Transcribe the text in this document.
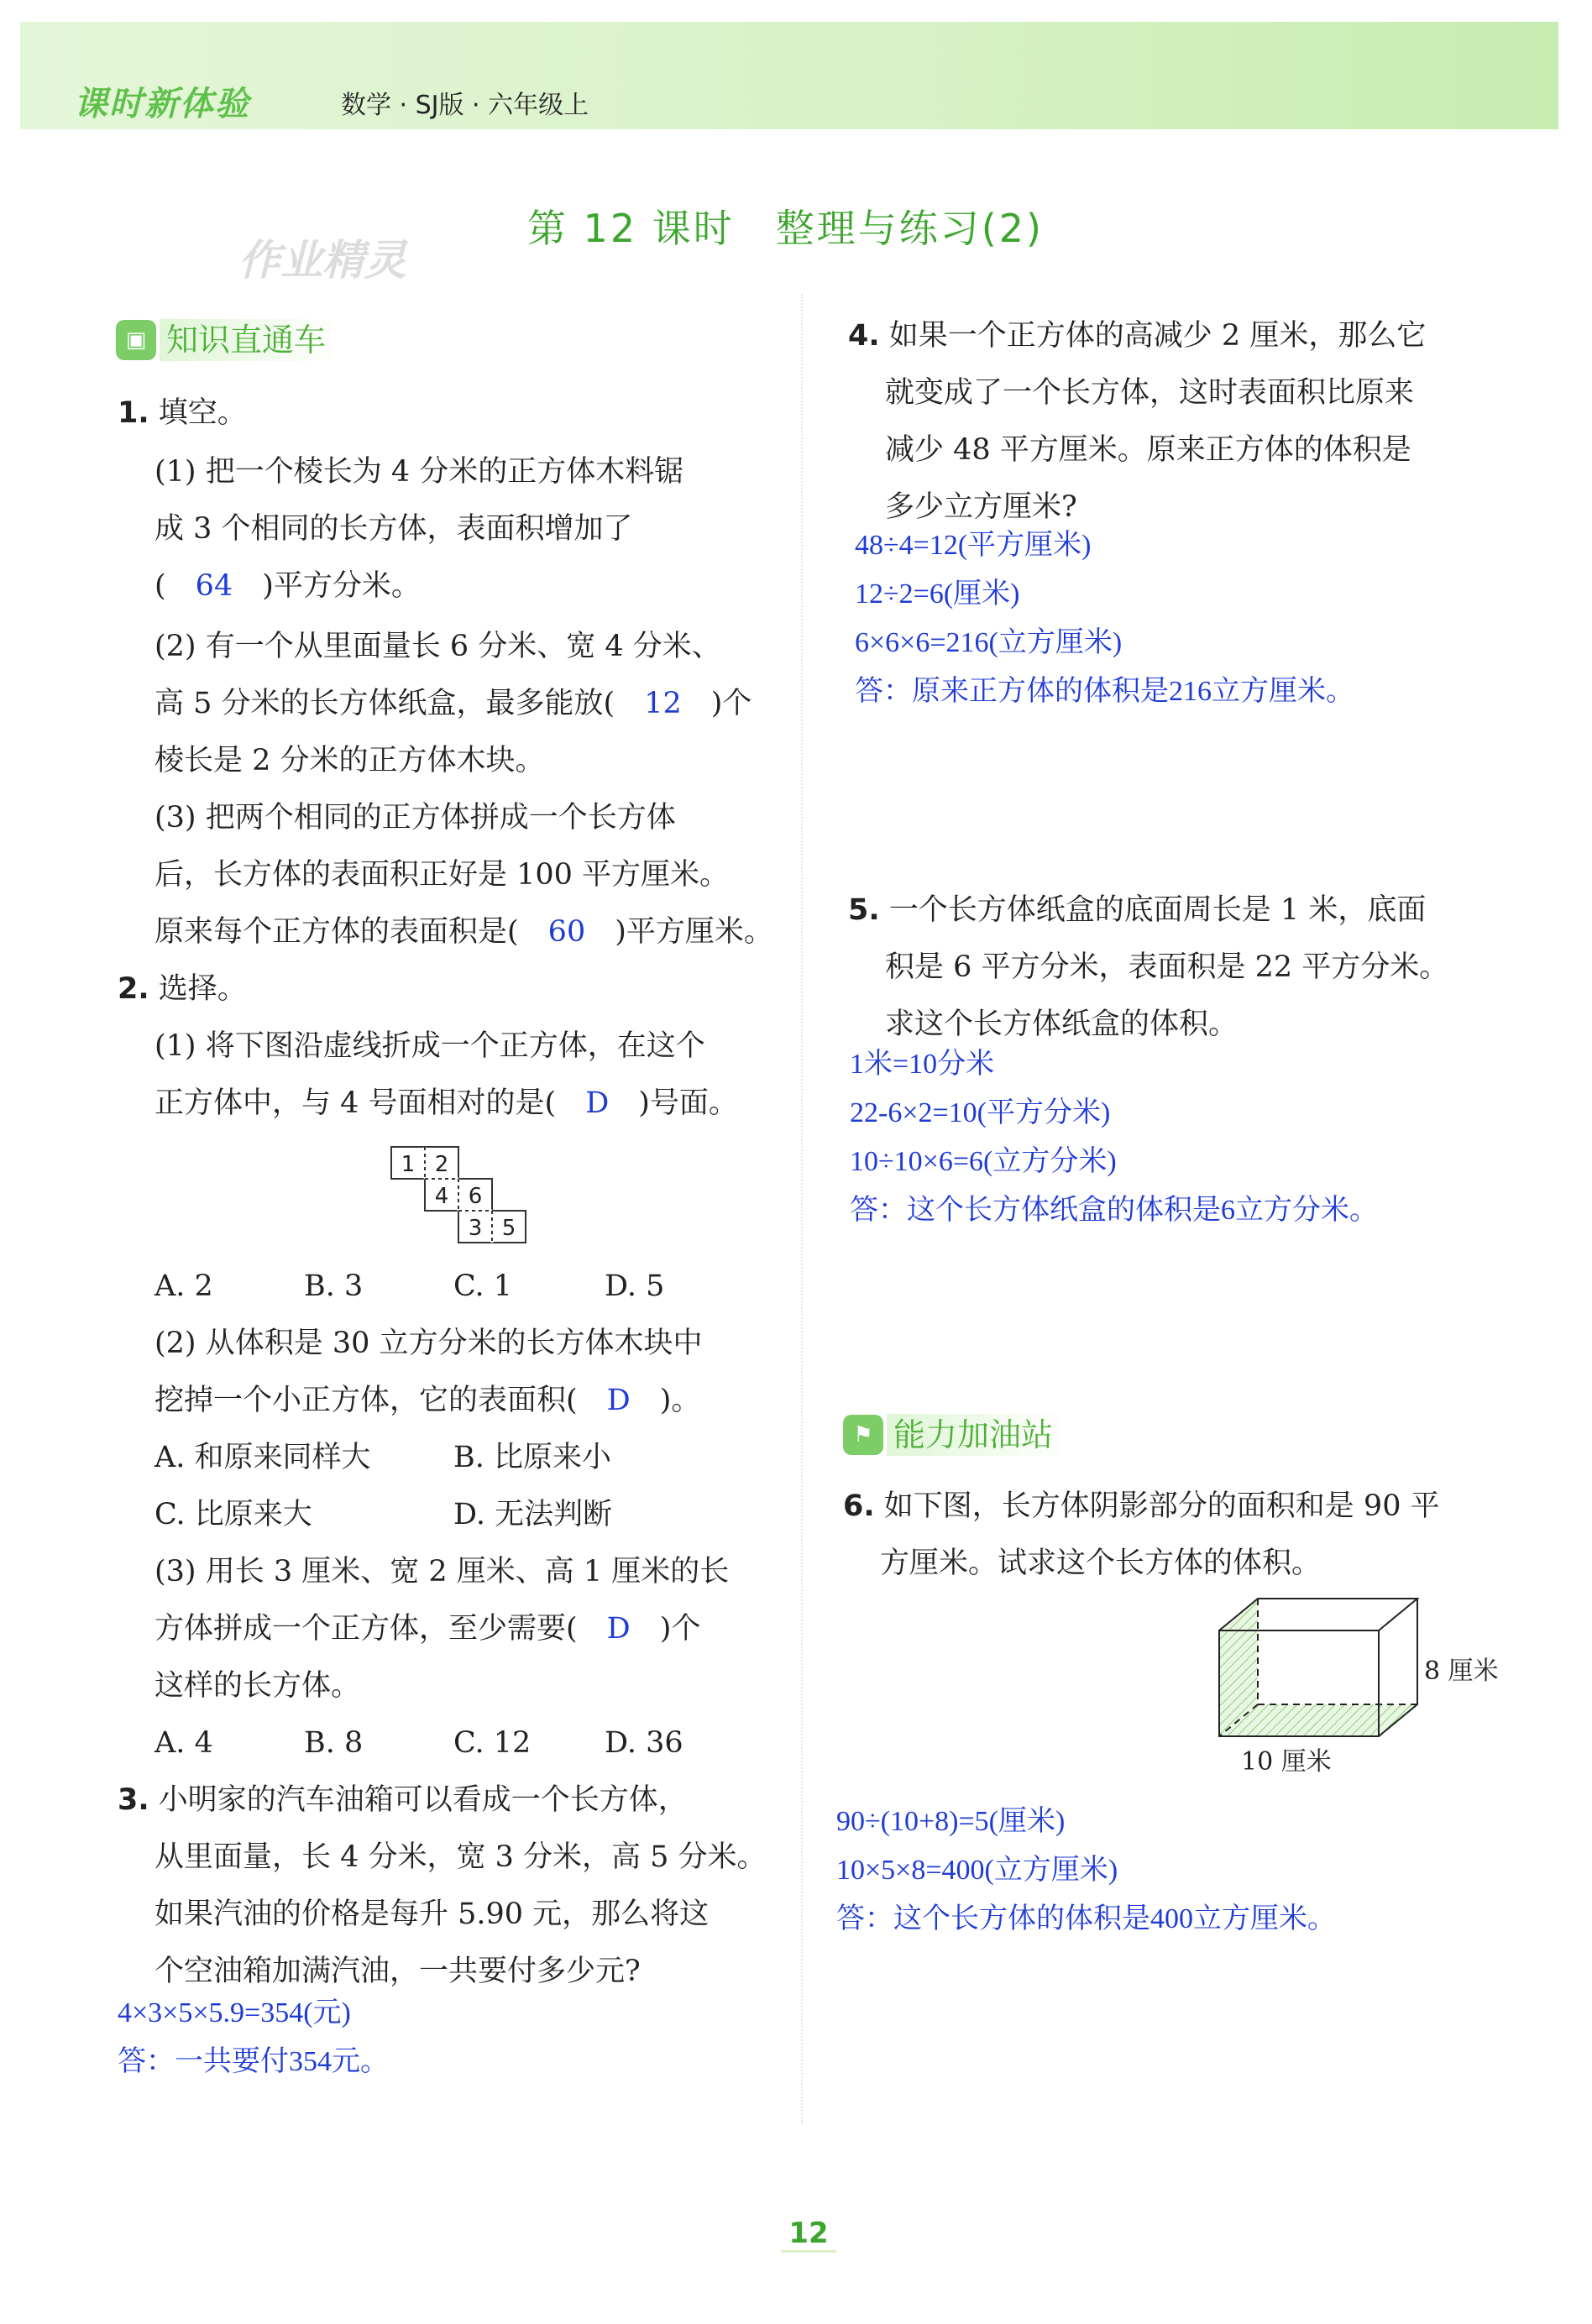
课时新体验	数学 · SJ版 · 六年级上
作业精灵
第 12 课时　整理与练习(2)
▣ 知识直通车
1. 填空。
(1) 把一个棱长为 4 分米的正方体木料锯
成 3 个相同的长方体，表面积增加了
(　 64　 )平方分米。
(2) 有一个从里面量长 6 分米、宽 4 分米、
高 5 分米的长方体纸盒，最多能放(　 12　 )个
棱长是 2 分米的正方体木块。
(3) 把两个相同的正方体拼成一个长方体
后，长方体的表面积正好是 100 平方厘米。
原来每个正方体的表面积是(　 60　 )平方厘米。
2. 选择。
(1) 将下图沿虚线折成一个正方体，在这个
正方体中，与 4 号面相对的是(　 D　 )号面。
1 2
4 6
3 5
A. 2	B. 3	C. 1	D. 5
(2) 从体积是 30 立方分米的长方体木块中
挖掉一个小正方体，它的表面积(　 D　 )。
A. 和原来同样大	B. 比原来小
C. 比原来大	D. 无法判断
(3) 用长 3 厘米、宽 2 厘米、高 1 厘米的长
方体拼成一个正方体，至少需要(　 D　 )个
这样的长方体。
A. 4	B. 8	C. 12	D. 36
3. 小明家的汽车油箱可以看成一个长方体，
从里面量，长 4 分米，宽 3 分米，高 5 分米。
如果汽油的价格是每升 5.90 元，那么将这
个空油箱加满汽油，一共要付多少元?
4×3×5×5.9=354(元)
答：一共要付354元。
4. 如果一个正方体的高减少 2 厘米，那么它
就变成了一个长方体，这时表面积比原来
减少 48 平方厘米。原来正方体的体积是
多少立方厘米?
48÷4=12(平方厘米)
12÷2=6(厘米)
6×6×6=216(立方厘米)
答：原来正方体的体积是216立方厘米。
5. 一个长方体纸盒的底面周长是 1 米，底面
积是 6 平方分米，表面积是 22 平方分米。
求这个长方体纸盒的体积。
1米=10分米
22-6×2=10(平方分米)
10÷10×6=6(立方分米)
答：这个长方体纸盒的体积是6立方分米。
⚑ 能力加油站
6. 如下图，长方体阴影部分的面积和是 90 平
方厘米。试求这个长方体的体积。
8 厘米
10 厘米
90÷(10+8)=5(厘米)
10×5×8=400(立方厘米)
答：这个长方体的体积是400立方厘米。
12
